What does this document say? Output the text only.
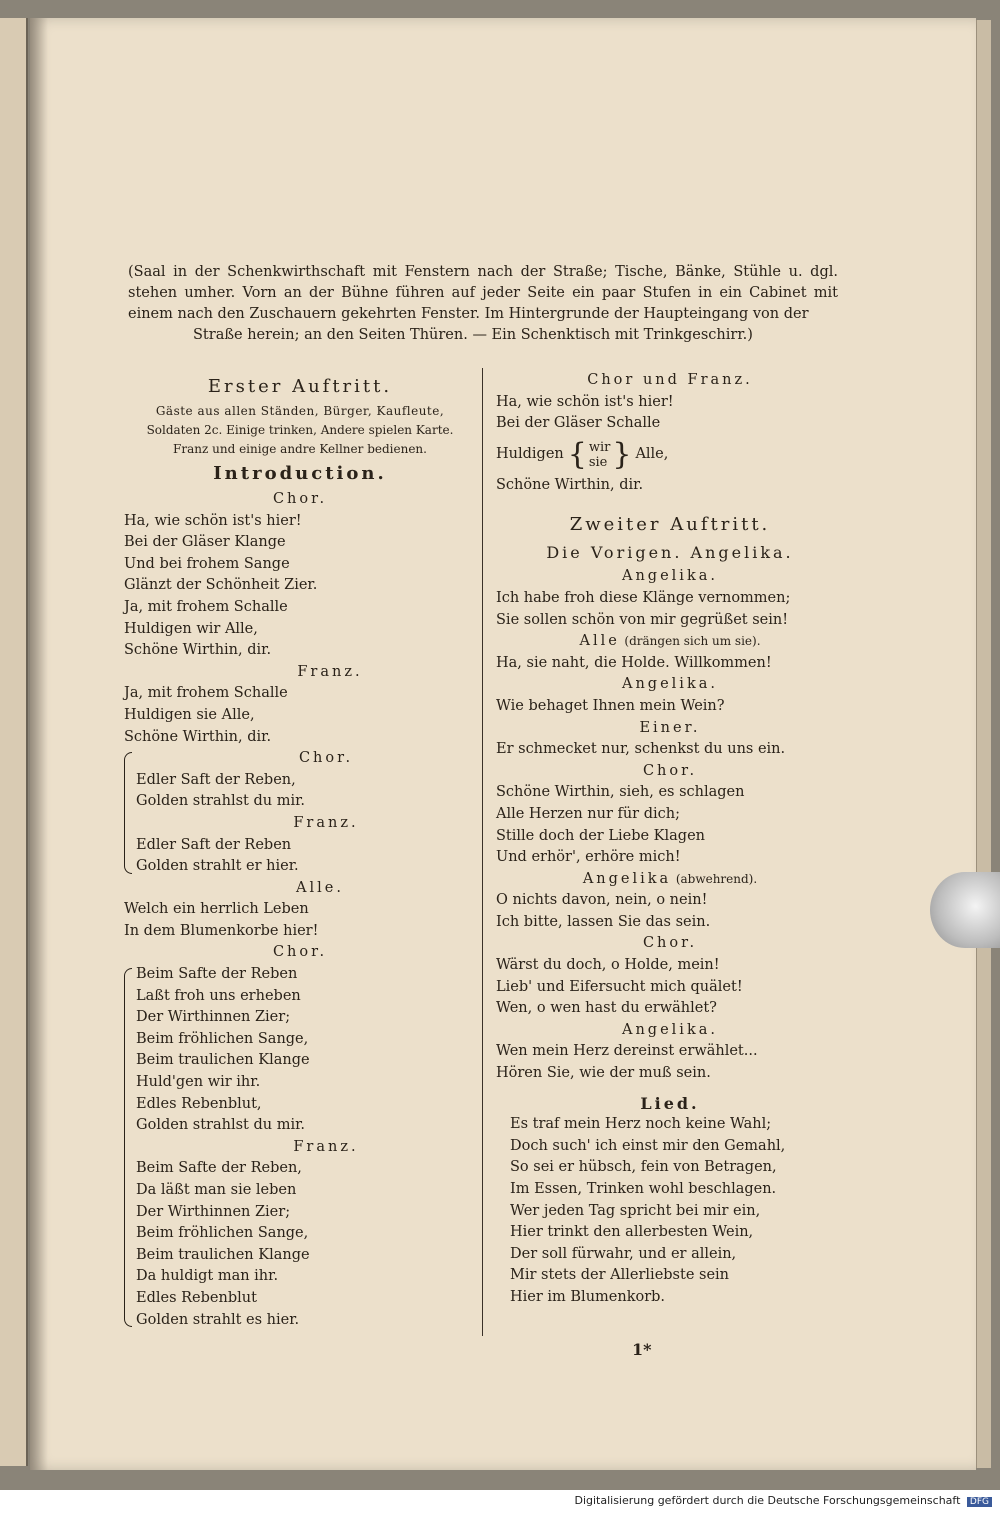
(Saal in der Schenkwirthschaft mit Fenstern nach der Straße; Tische, Bänke, Stühle u. dgl. stehen umher. Vorn an der Bühne führen auf jeder Seite ein paar Stufen in ein Cabinet mit einem nach den Zuschauern gekehrten Fenster. Im Hintergrunde der Haupteingang von der
Straße herein; an den Seiten Thüren. — Ein Schenktisch mit Trinkgeschirr.)
Erster Auftritt.
Gäste aus allen Ständen, Bürger, Kaufleute,
Soldaten 2c. Einige trinken, Andere spielen Karte.
Franz und einige andre Kellner bedienen.
Introduction.
Chor.
Ha, wie schön ist's hier!
Bei der Gläser Klange
Und bei frohem Sange
Glänzt der Schönheit Zier.
Ja, mit frohem Schalle
Huldigen wir Alle,
Schöne Wirthin, dir.
Franz.
Ja, mit frohem Schalle
Huldigen sie Alle,
Schöne Wirthin, dir.
Chor.
Edler Saft der Reben,
Golden strahlst du mir.
Franz.
Edler Saft der Reben
Golden strahlt er hier.
Alle.
Welch ein herrlich Leben
In dem Blumenkorbe hier!
Chor.
Beim Safte der Reben
Laßt froh uns erheben
Der Wirthinnen Zier;
Beim fröhlichen Sange,
Beim traulichen Klange
Huld'gen wir ihr.
Edles Rebenblut,
Golden strahlst du mir.
Franz.
Beim Safte der Reben,
Da läßt man sie leben
Der Wirthinnen Zier;
Beim fröhlichen Sange,
Beim traulichen Klange
Da huldigt man ihr.
Edles Rebenblut
Golden strahlt es hier.
Chor und Franz.
Ha, wie schön ist's hier!
Bei der Gläser Schalle
Huldigen { wir
sie } Alle,
Schöne Wirthin, dir.
Zweiter Auftritt.
Die Vorigen. Angelika.
Angelika.
Ich habe froh diese Klänge vernommen;
Sie sollen schön von mir gegrüßet sein!
Alle (drängen sich um sie).
Ha, sie naht, die Holde. Willkommen!
Angelika.
Wie behaget Ihnen mein Wein?
Einer.
Er schmecket nur, schenkst du uns ein.
Chor.
Schöne Wirthin, sieh, es schlagen
Alle Herzen nur für dich;
Stille doch der Liebe Klagen
Und erhör', erhöre mich!
Angelika (abwehrend).
O nichts davon, nein, o nein!
Ich bitte, lassen Sie das sein.
Chor.
Wärst du doch, o Holde, mein!
Lieb' und Eifersucht mich quälet!
Wen, o wen hast du erwählet?
Angelika.
Wen mein Herz dereinst erwählet...
Hören Sie, wie der muß sein.
Lied.
Es traf mein Herz noch keine Wahl;
Doch such' ich einst mir den Gemahl,
So sei er hübsch, fein von Betragen,
Im Essen, Trinken wohl beschlagen.
Wer jeden Tag spricht bei mir ein,
Hier trinkt den allerbesten Wein,
Der soll fürwahr, und er allein,
Mir stets der Allerliebste sein
Hier im Blumenkorb.
1*
Digitalisierung gefördert durch die Deutsche Forschungsgemeinschaft DFG
